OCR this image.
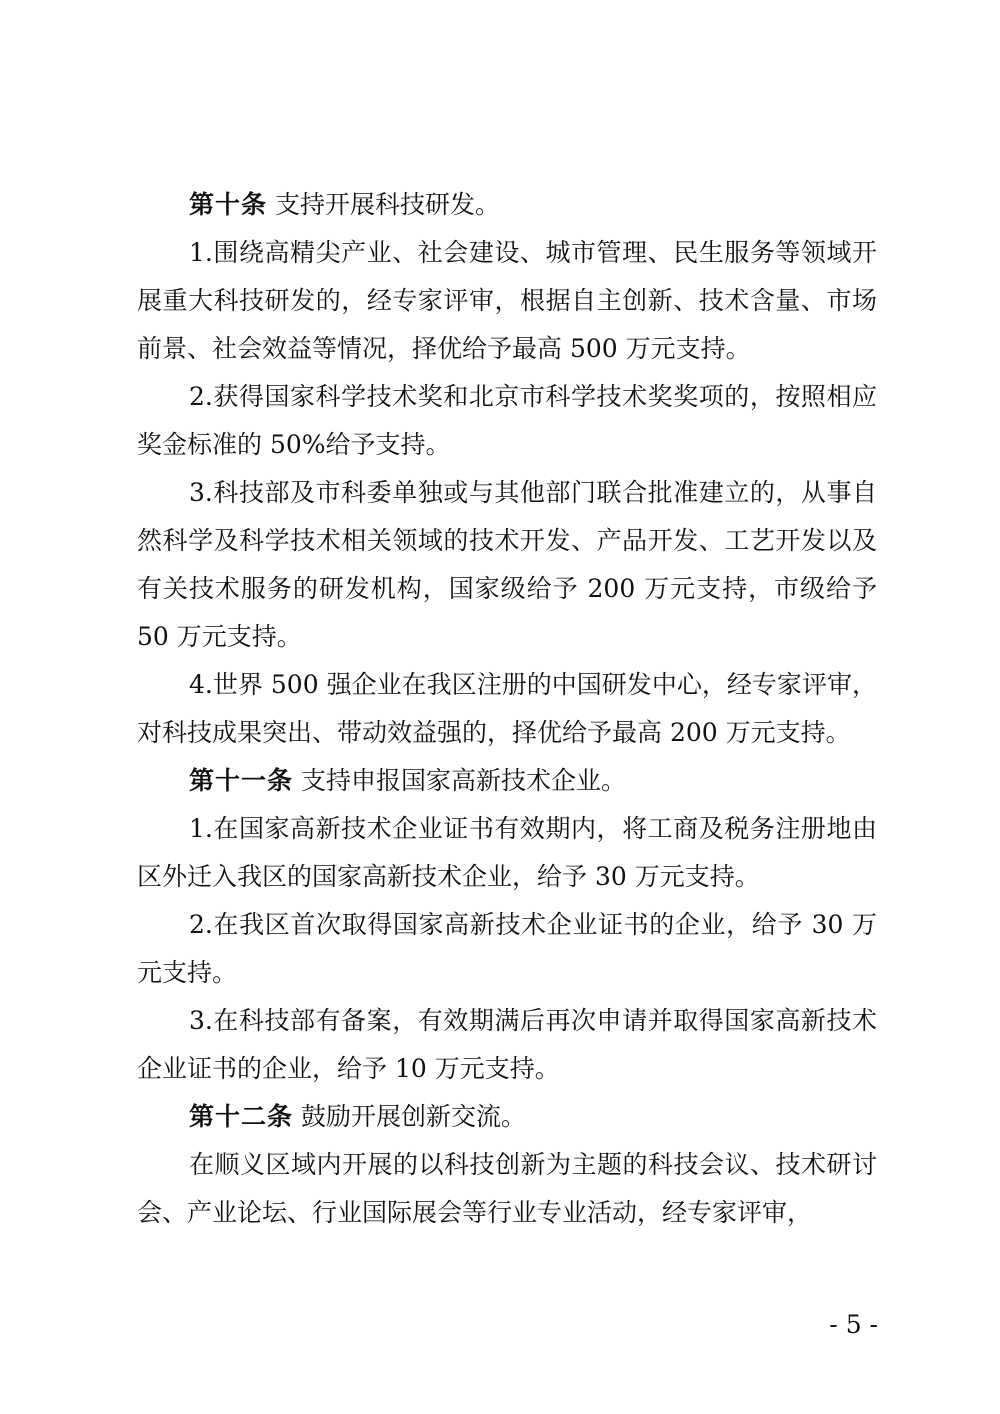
第十条 支持开展科技研发。

1.围绕高精尖产业、社会建设、城市管理、民生服务等领域开展重大科技研发的，经专家评审，根据自主创新、技术含量、市场前景、社会效益等情况，择优给予最高 500 万元支持。

2.获得国家科学技术奖和北京市科学技术奖奖项的，按照相应奖金标准的 50%给予支持。

3.科技部及市科委单独或与其他部门联合批准建立的，从事自然科学及科学技术相关领域的技术开发、产品开发、工艺开发以及有关技术服务的研发机构，国家级给予 200 万元支持，市级给予 50 万元支持。

4.世界 500 强企业在我区注册的中国研发中心，经专家评审，对科技成果突出、带动效益强的，择优给予最高 200 万元支持。

第十一条 支持申报国家高新技术企业。

1.在国家高新技术企业证书有效期内，将工商及税务注册地由区外迁入我区的国家高新技术企业，给予 30 万元支持。

2.在我区首次取得国家高新技术企业证书的企业，给予 30 万元支持。

3.在科技部有备案，有效期满后再次申请并取得国家高新技术企业证书的企业，给予 10 万元支持。

第十二条 鼓励开展创新交流。

在顺义区域内开展的以科技创新为主题的科技会议、技术研讨会、产业论坛、行业国际展会等行业专业活动，经专家评审，

- 5 -
